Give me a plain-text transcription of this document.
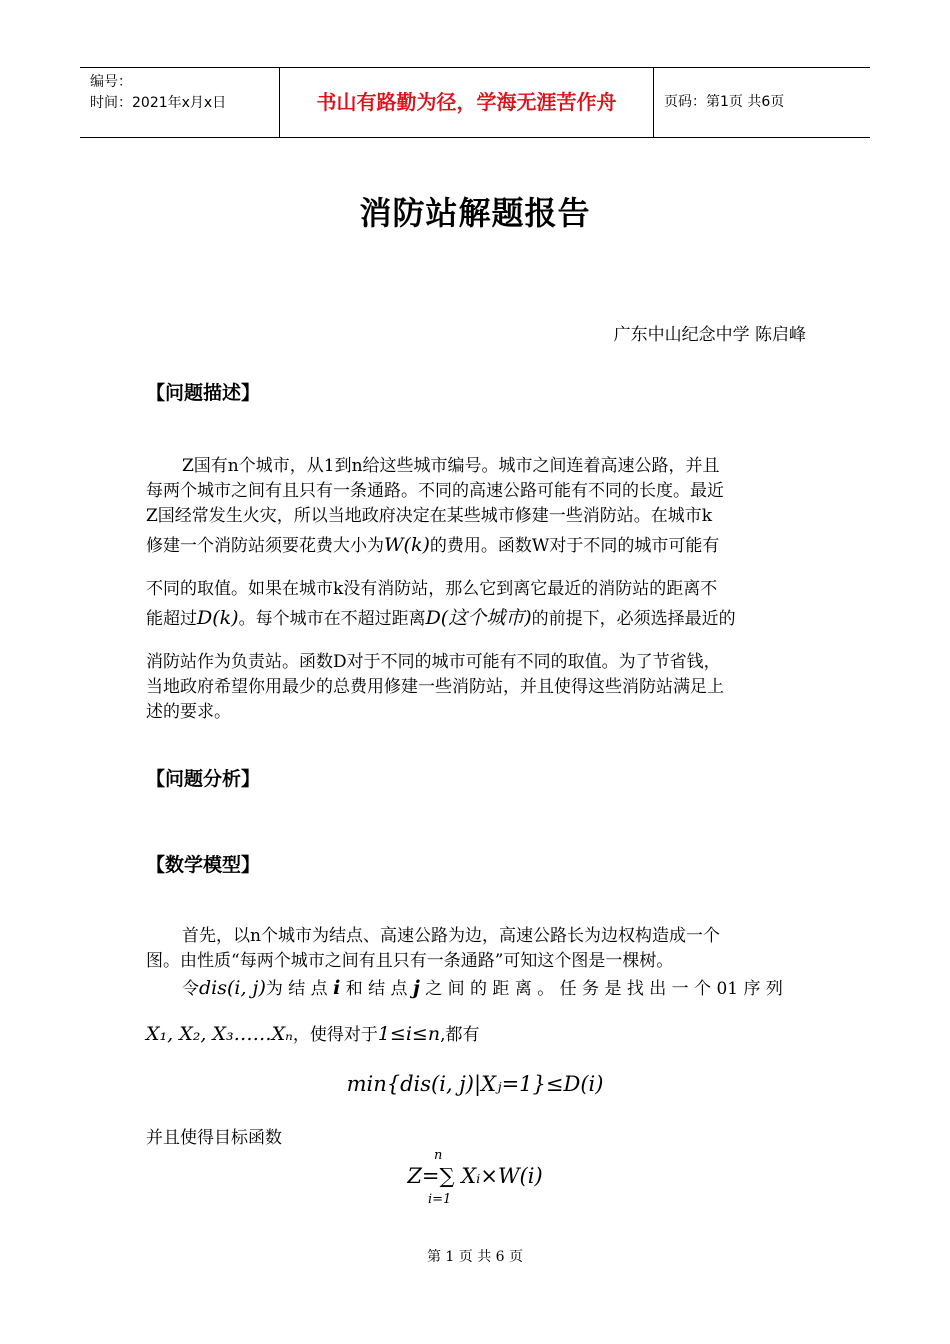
编号：
时间：2021年x月x日	书山有路勤为径，学海无涯苦作舟	页码：第1页 共6页
消防站解题报告
广东中山纪念中学 陈启峰
【问题描述】
Z国有n个城市，从1到n给这些城市编号。城市之间连着高速公路，并且
每两个城市之间有且只有一条通路。不同的高速公路可能有不同的长度。最近
Z国经常发生火灾，所以当地政府决定在某些城市修建一些消防站。在城市k
修建一个消防站须要花费大小为W(k)的费用。函数W对于不同的城市可能有
不同的取值。如果在城市k没有消防站，那么它到离它最近的消防站的距离不
能超过D(k)。每个城市在不超过距离D(这个城市)的前提下，必须选择最近的
消防站作为负责站。函数D对于不同的城市可能有不同的取值。为了节省钱，
当地政府希望你用最少的总费用修建一些消防站，并且使得这些消防站满足上
述的要求。
【问题分析】
【数学模型】
首先，以n个城市为结点、高速公路为边，高速公路长为边权构造成一个
图。由性质“每两个城市之间有且只有一条通路”可知这个图是一棵树。
令dis(i, j)为 结 点 i 和 结 点 j 之 间 的 距 离 。 任 务 是 找 出 一 个 01 序 列
X₁, X₂, X₃……Xₙ，使得对于1≤i≤n,都有
min{dis(i, j)|Xⱼ=1}≤D(i)
并且使得目标函数
n
i=1
Z=∑ Xᵢ×W(i)
第 1 页 共 6 页
